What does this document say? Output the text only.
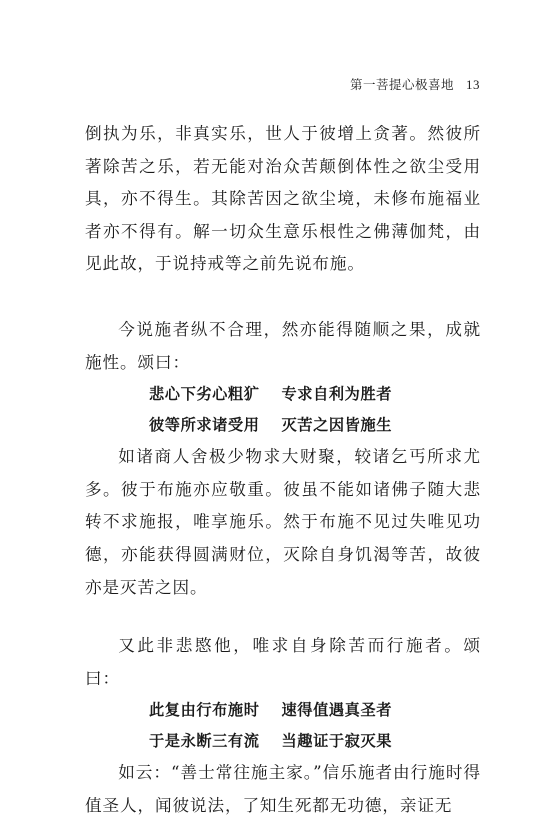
第一菩提心极喜地 13

倒执为乐，非真实乐，世人于彼增上贪著。然彼所著除苦之乐，若无能对治众苦颠倒体性之欲尘受用具，亦不得生。其除苦因之欲尘境，未修布施福业者亦不得有。解一切众生意乐根性之佛薄伽梵，由见此故，于说持戒等之前先说布施。

今说施者纵不合理，然亦能得随顺之果，成就施性。颂曰：

悲心下劣心粗犷 专求自利为胜者
彼等所求诸受用 灭苦之因皆施生

如诸商人舍极少物求大财聚，较诸乞丐所求尤多。彼于布施亦应敬重。彼虽不能如诸佛子随大悲转不求施报，唯享施乐。然于布施不见过失唯见功德，亦能获得圆满财位，灭除自身饥渴等苦，故彼亦是灭苦之因。

又此非悲愍他，唯求自身除苦而行施者。颂曰：

此复由行布施时 速得值遇真圣者
于是永断三有流 当趣证于寂灭果

如云：“善士常往施主家。”信乐施者由行施时得值圣人，闻彼说法，了知生死都无功德，亲证无
